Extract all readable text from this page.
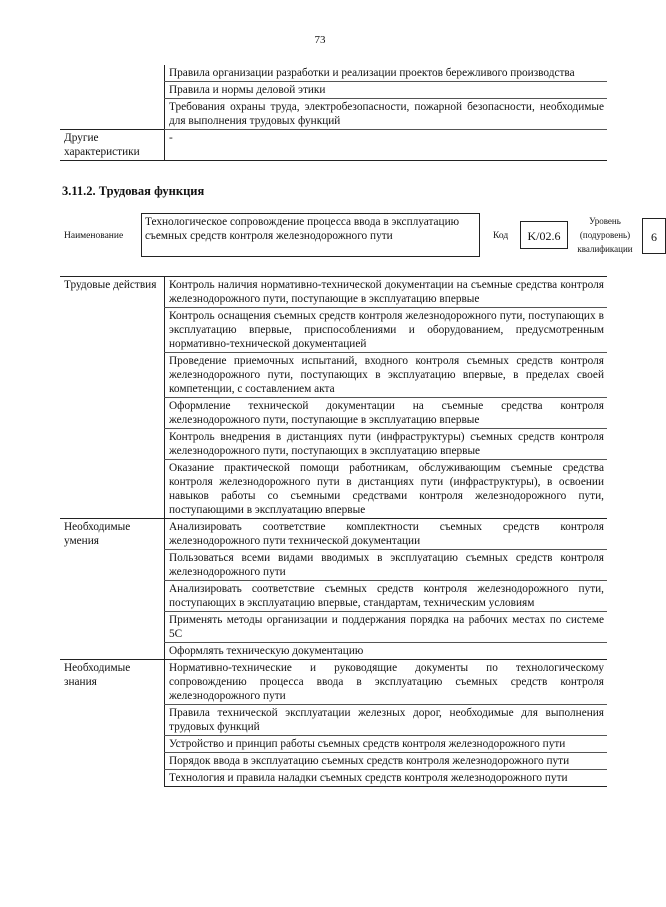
73
	Правила организации разработки и реализации проектов бережливого производства
	Правила и нормы деловой этики
	Требования охраны труда, электробезопасности, пожарной безопасности, необходимые для выполнения трудовых функций
Другие характеристики	-
3.11.2. Трудовая функция
Наименование
Технологическое сопровождение процесса ввода в эксплуатацию съемных средств контроля железнодорожного пути	Код	K/02.6
Уровень (подуровень) квалификации
6
Трудовые действия	Контроль наличия нормативно-технической документации на съемные средства контроля железнодорожного пути, поступающие в эксплуатацию впервые
	Контроль оснащения съемных средств контроля железнодорожного пути, поступающих в эксплуатацию впервые, приспособлениями и оборудованием, предусмотренным нормативно-технической документацией
	Проведение приемочных испытаний, входного контроля съемных средств контроля железнодорожного пути, поступающих в эксплуатацию впервые, в пределах своей компетенции, с составлением акта
	Оформление технической документации на съемные средства контроля железнодорожного пути, поступающие в эксплуатацию впервые
	Контроль внедрения в дистанциях пути (инфраструктуры) съемных средств контроля железнодорожного пути, поступающих в эксплуатацию впервые
	Оказание практической помощи работникам, обслуживающим съемные средства контроля железнодорожного пути в дистанциях пути (инфраструктуры), в освоении навыков работы со съемными средствами контроля железнодорожного пути, поступающими в эксплуатацию впервые
Необходимые умения	Анализировать соответствие комплектности съемных средств контроля железнодорожного пути технической документации
	Пользоваться всеми видами вводимых в эксплуатацию съемных средств контроля железнодорожного пути
	Анализировать соответствие съемных средств контроля железнодорожного пути, поступающих в эксплуатацию впервые, стандартам, техническим условиям
	Применять методы организации и поддержания порядка на рабочих местах по системе 5С
	Оформлять техническую документацию
Необходимые знания	Нормативно-технические и руководящие документы по технологическому сопровождению процесса ввода в эксплуатацию съемных средств контроля железнодорожного пути
	Правила технической эксплуатации железных дорог, необходимые для выполнения трудовых функций
	Устройство и принцип работы съемных средств контроля железнодорожного пути
	Порядок ввода в эксплуатацию съемных средств контроля железнодорожного пути
	Технология и правила наладки съемных средств контроля железнодорожного пути
